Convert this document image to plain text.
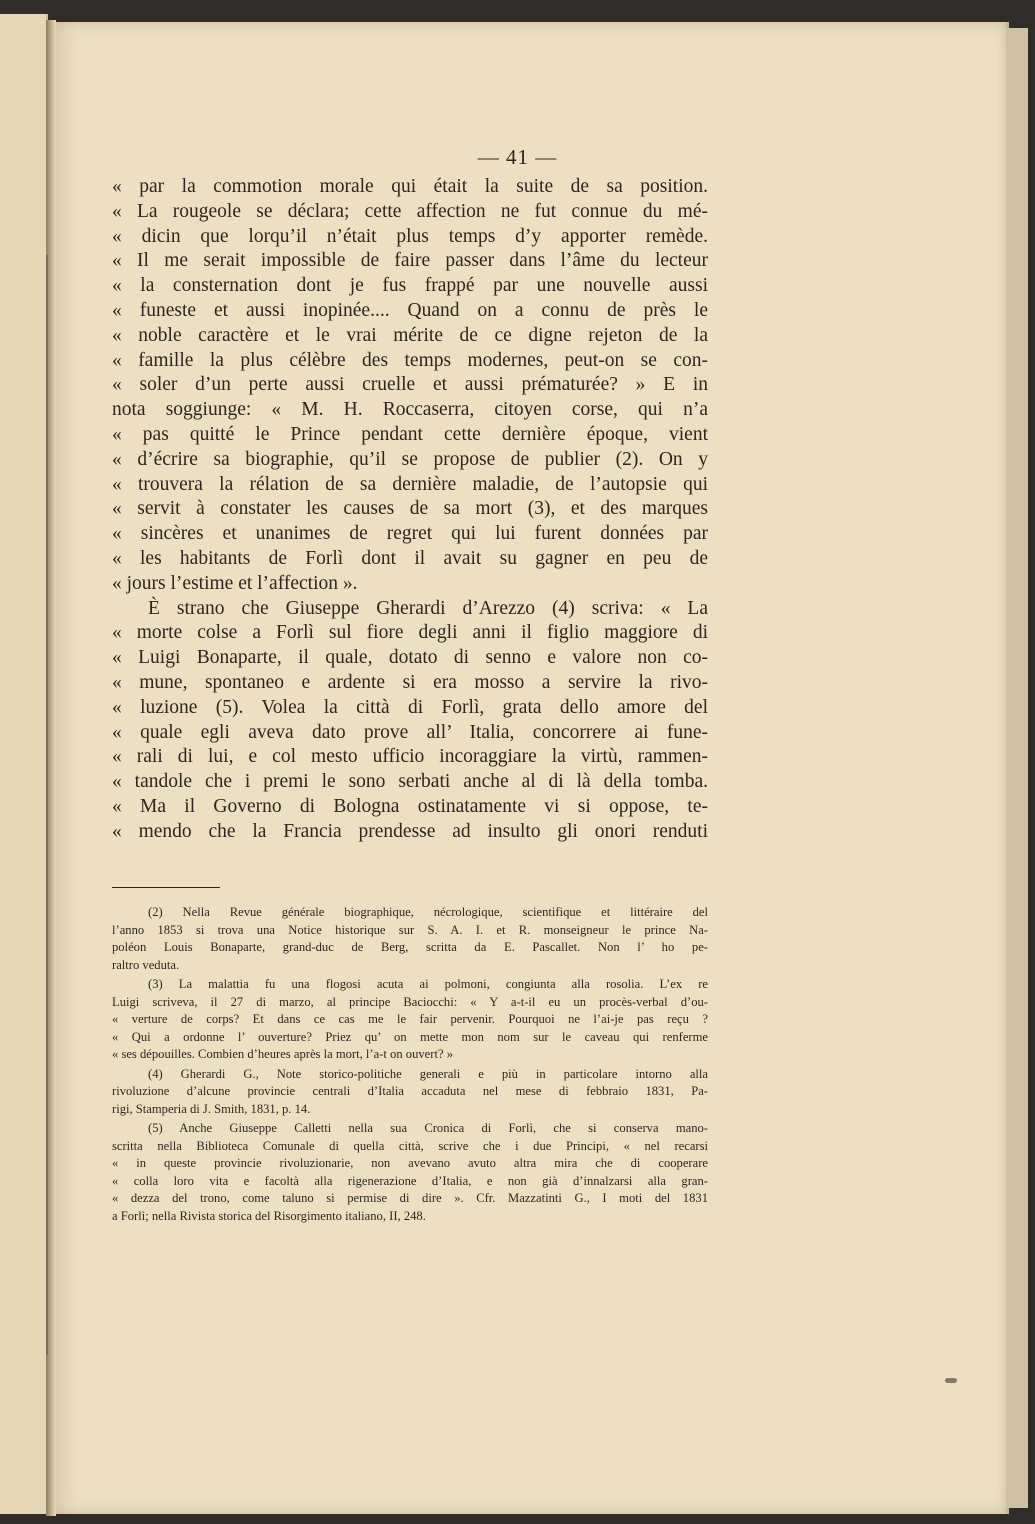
— 41 —
« par la commotion morale qui était la suite de sa position.
« La rougeole se déclara; cette affection ne fut connue du mé-
« dicin que lorqu’il n’était plus temps d’y apporter remède.
« Il me serait impossible de faire passer dans l’âme du lecteur
« la consternation dont je fus frappé par une nouvelle aussi
« funeste et aussi inopinée.... Quand on a connu de près le
« noble caractère et le vrai mérite de ce digne rejeton de la
« famille la plus célèbre des temps modernes, peut-on se con-
« soler d’un perte aussi cruelle et aussi prématurée? » E in
nota soggiunge: « M. H. Roccaserra, citoyen corse, qui n’a
« pas quitté le Prince pendant cette dernière époque, vient
« d’écrire sa biographie, qu’il se propose de publier (2). On y
« trouvera la rélation de sa dernière maladie, de l’autopsie qui
« servit à constater les causes de sa mort (3), et des marques
« sincères et unanimes de regret qui lui furent données par
« les habitants de Forlì dont il avait su gagner en peu de
« jours l’estime et l’affection ».
È strano che Giuseppe Gherardi d’Arezzo (4) scriva: « La
« morte colse a Forlì sul fiore degli anni il figlio maggiore di
« Luigi Bonaparte, il quale, dotato di senno e valore non co-
« mune, spontaneo e ardente si era mosso a servire la rivo-
« luzione (5). Volea la città di Forlì, grata dello amore del
« quale egli aveva dato prove all’ Italia, concorrere ai fune-
« rali di lui, e col mesto ufficio incoraggiare la virtù, rammen-
« tandole che i premi le sono serbati anche al di là della tomba.
« Ma il Governo di Bologna ostinatamente vi si oppose, te-
« mendo che la Francia prendesse ad insulto gli onori renduti
(2) Nella Revue générale biographique, nécrologique, scientifique et littéraire del
l’anno 1853 si trova una Notice historique sur S. A. I. et R. monseigneur le prince Na-
poléon Louis Bonaparte, grand-duc de Berg, scritta da E. Pascallet. Non l’ ho pe-
raltro veduta.
(3) La malattia fu una flogosi acuta ai polmoni, congiunta alla rosolia. L’ex re
Luigi scriveva, il 27 di marzo, al principe Baciocchi: « Y a-t-il eu un procès-verbal d’ou-
« verture de corps? Et dans ce cas me le fair pervenir. Pourquoi ne l’ai-je pas reçu ?
« Qui a ordonne l’ ouverture? Priez qu’ on mette mon nom sur le caveau qui renferme
« ses dépouilles. Combien d’heures après la mort, l’a-t on ouvert? »
(4) Gherardi G., Note storico-politiche generali e più in particolare intorno alla
rivoluzione d’alcune provincie centrali d’Italia accaduta nel mese di febbraio 1831, Pa-
rigi, Stamperia di J. Smith, 1831, p. 14.
(5) Anche Giuseppe Calletti nella sua Cronica di Forlì, che si conserva mano-
scritta nella Biblioteca Comunale di quella città, scrive che i due Principi, « nel recarsi
« in queste provincie rivoluzionarie, non avevano avuto altra mira che di cooperare
« colla loro vita e facoltà alla rigenerazione d’Italia, e non già d’innalzarsi alla gran-
« dezza del trono, come taluno si permise di dire ». Cfr. Mazzatinti G., I moti del 1831
a Forlì; nella Rivista storica del Risorgimento italiano, II, 248.
